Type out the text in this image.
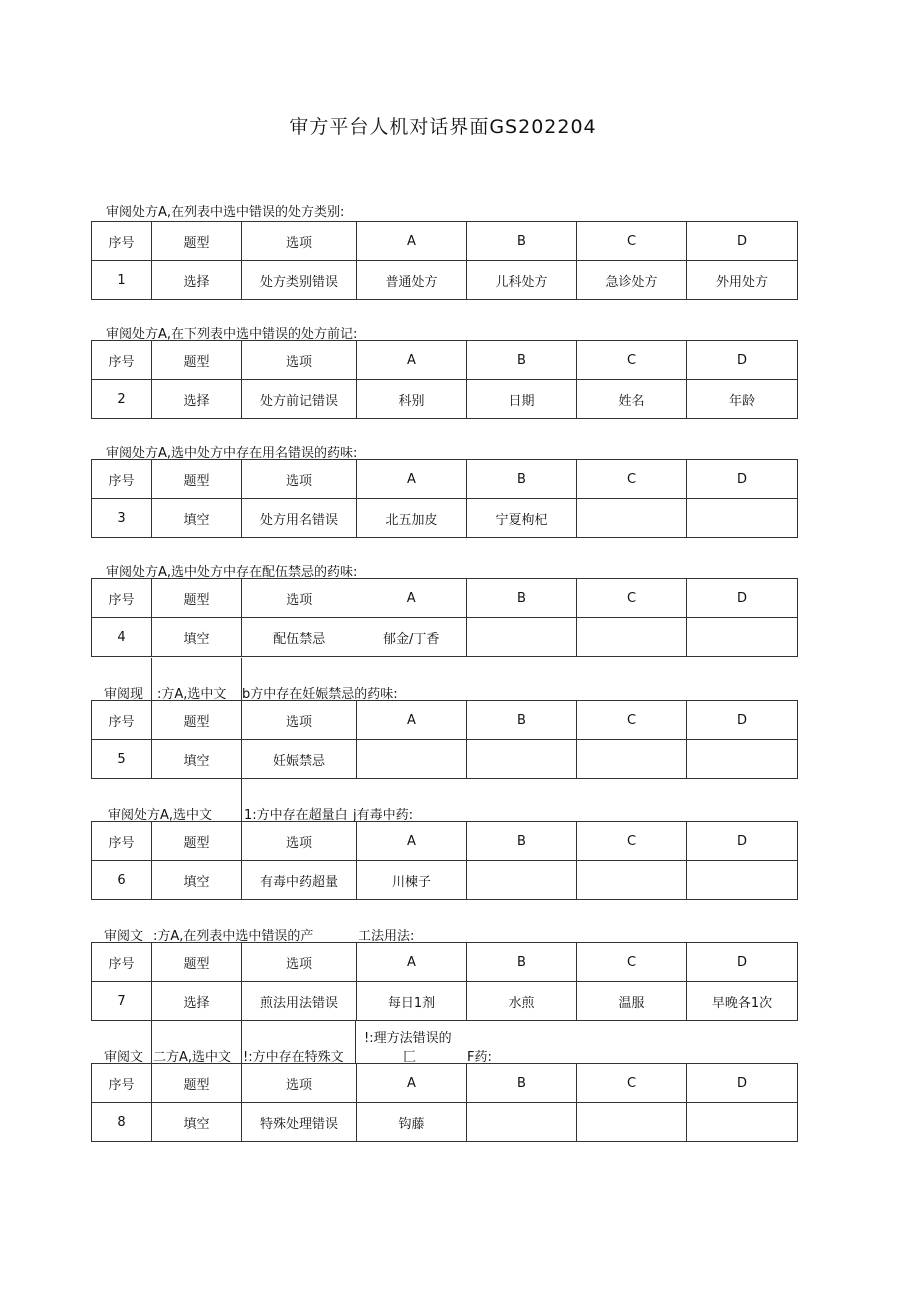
审方平台人机对话界面GS202204
审阅处方A,在列表中选中错误的处方类别:
序号	题型	选项	A	B	C	D
1	选择	处方类别错误	普通处方	儿科处方	急诊处方	外用处方
审阅处方A,在下列表中选中错误的处方前记:
序号	题型	选项	A	B	C	D
2	选择	处方前记错误	科别	日期	姓名	年龄
审阅处方A,选中处方中存在用名错误的药味:
序号	题型	选项	A	B	C	D
3	填空	处方用名错误	北五加皮	宁夏枸杞		
审阅处方A,选中处方中存在配伍禁忌的药味:
序号	题型	选项	A	B	C	D
4	填空	配伍禁忌	郁金/丁香			
审阅现 :方A,选中文 b方中存在妊娠禁忌的药味:
序号	题型	选项	A	B	C	D
5	填空	妊娠禁忌				
审阅处方A,选中文 1:方中存在超量白 j有毒中药:
序号	题型	选项	A	B	C	D
6	填空	有毒中药超量	川楝子			
审阅文 :方A,在列表中选中错误的产	工法用法:
序号	题型	选项	A	B	C	D
7	选择	煎法用法错误	每日1剂	水煎	温服	早晚各1次
审阅文 二方A,选中文 !:方中存在特殊文
!:理方法错误的
匚	F药:
序号	题型	选项	A	B	C	D
8	填空	特殊处理错误	钩藤			
